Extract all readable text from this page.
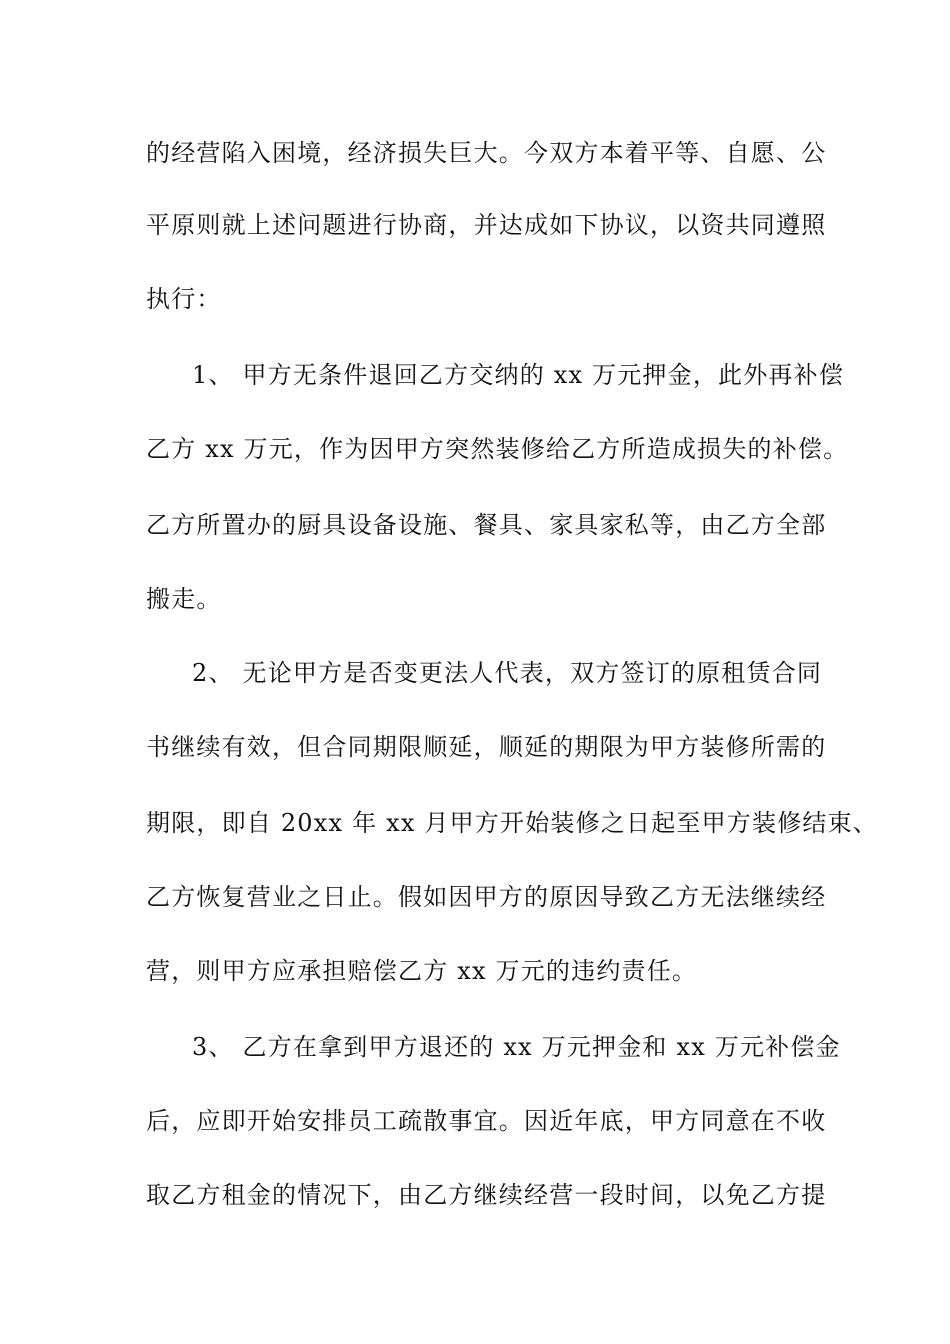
的经营陷入困境，经济损失巨大。今双方本着平等、自愿、公
平原则就上述问题进行协商，并达成如下协议，以资共同遵照
执行：
1、 甲方无条件退回乙方交纳的 xx 万元押金，此外再补偿
乙方 xx 万元，作为因甲方突然装修给乙方所造成损失的补偿。
乙方所置办的厨具设备设施、餐具、家具家私等，由乙方全部
搬走。
2、 无论甲方是否变更法人代表，双方签订的原租赁合同
书继续有效，但合同期限顺延，顺延的期限为甲方装修所需的
期限，即自 20xx 年 xx 月甲方开始装修之日起至甲方装修结束、
乙方恢复营业之日止。假如因甲方的原因导致乙方无法继续经
营，则甲方应承担赔偿乙方 xx 万元的违约责任。
3、 乙方在拿到甲方退还的 xx 万元押金和 xx 万元补偿金
后，应即开始安排员工疏散事宜。因近年底，甲方同意在不收
取乙方租金的情况下，由乙方继续经营一段时间，以免乙方提
